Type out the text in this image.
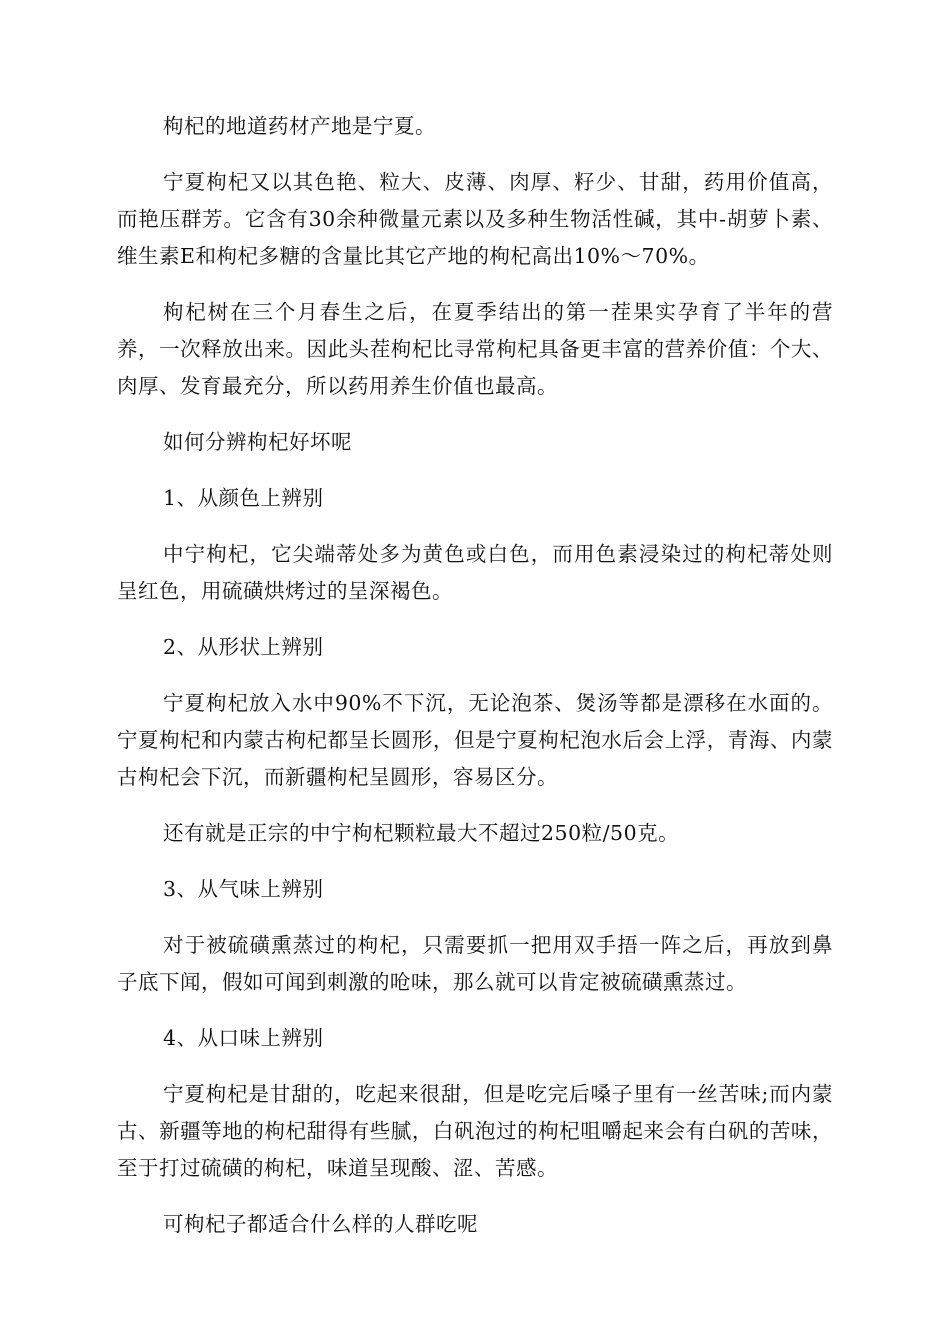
枸杞的地道药材产地是宁夏。

宁夏枸杞又以其色艳、粒大、皮薄、肉厚、籽少、甘甜，药用价值高，而艳压群芳。它含有30余种微量元素以及多种生物活性碱，其中-胡萝卜素、维生素E和枸杞多糖的含量比其它产地的枸杞高出10%～70%。

枸杞树在三个月春生之后，在夏季结出的第一茬果实孕育了半年的营养，一次释放出来。因此头茬枸杞比寻常枸杞具备更丰富的营养价值：个大、肉厚、发育最充分，所以药用养生价值也最高。

如何分辨枸杞好坏呢

1、从颜色上辨别

中宁枸杞，它尖端蒂处多为黄色或白色，而用色素浸染过的枸杞蒂处则呈红色，用硫磺烘烤过的呈深褐色。

2、从形状上辨别

宁夏枸杞放入水中90%不下沉，无论泡茶、煲汤等都是漂移在水面的。宁夏枸杞和内蒙古枸杞都呈长圆形，但是宁夏枸杞泡水后会上浮，青海、内蒙古枸杞会下沉，而新疆枸杞呈圆形，容易区分。

还有就是正宗的中宁枸杞颗粒最大不超过250粒/50克。

3、从气味上辨别

对于被硫磺熏蒸过的枸杞，只需要抓一把用双手捂一阵之后，再放到鼻子底下闻，假如可闻到刺激的呛味，那么就可以肯定被硫磺熏蒸过。

4、从口味上辨别

宁夏枸杞是甘甜的，吃起来很甜，但是吃完后嗓子里有一丝苦味;而内蒙古、新疆等地的枸杞甜得有些腻，白矾泡过的枸杞咀嚼起来会有白矾的苦味，至于打过硫磺的枸杞，味道呈现酸、涩、苦感。

可枸杞子都适合什么样的人群吃呢
